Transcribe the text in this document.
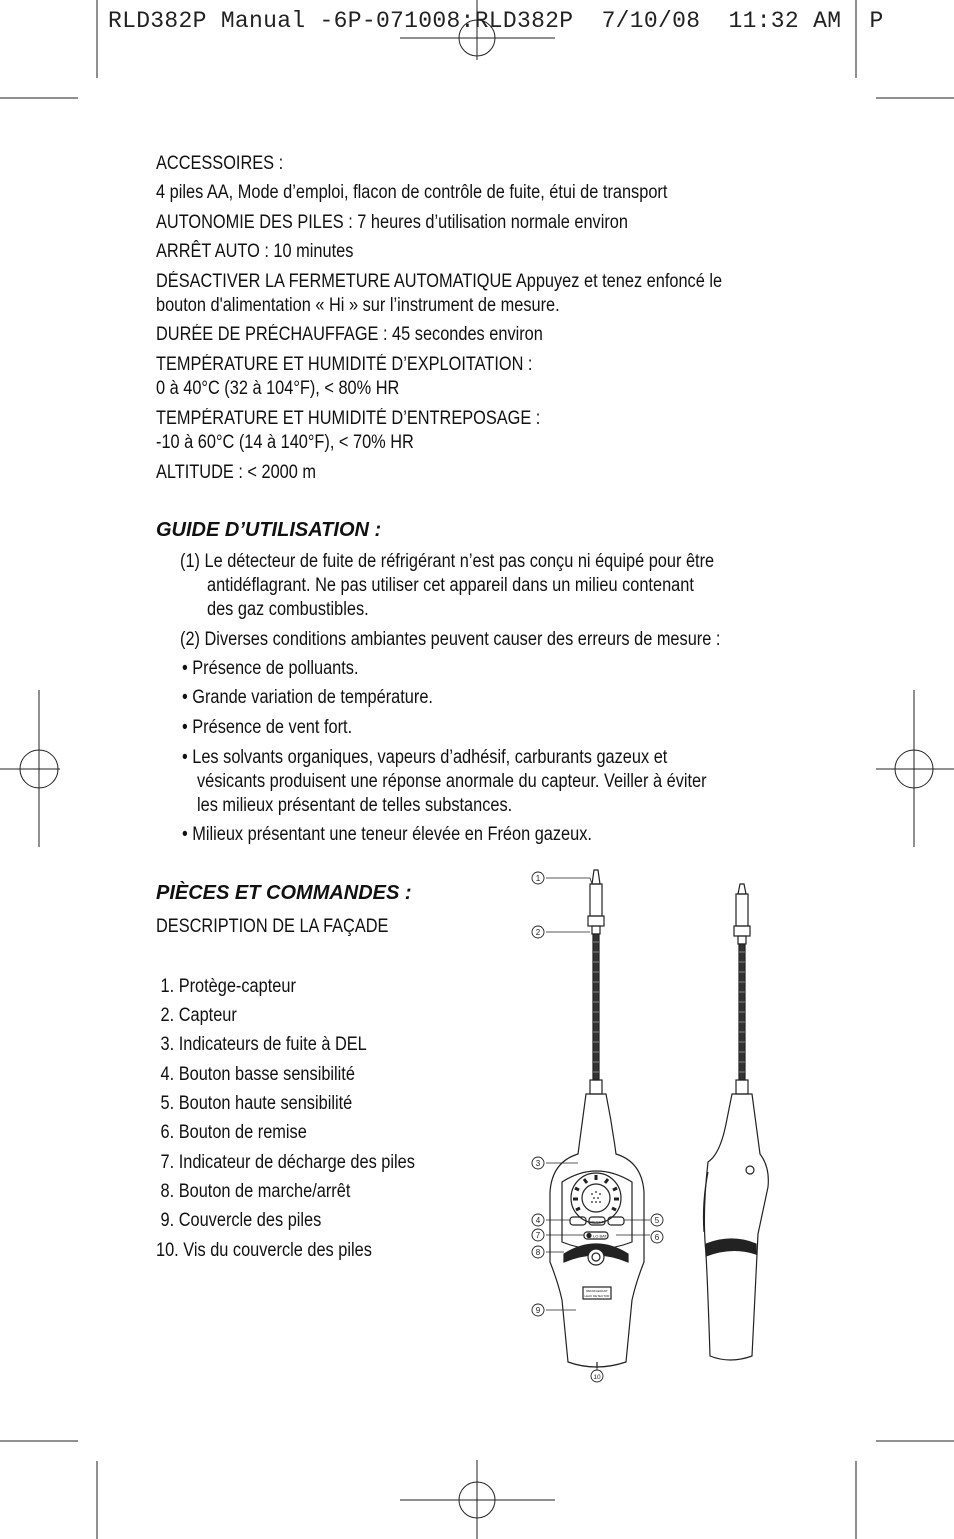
RLD382P Manual -6P-071008:RLD382P  7/10/08  11:32 AM  P
ACCESSOIRES :
4 piles AA, Mode d’emploi, flacon de contrôle de fuite, étui de transport
AUTONOMIE DES PILES : 7 heures d’utilisation normale environ
ARRÊT AUTO : 10 minutes
DÉSACTIVER LA FERMETURE AUTOMATIQUE Appuyez et tenez enfoncé le
bouton d'alimentation « Hi » sur l’instrument de mesure.
DURÉE DE PRÉCHAUFFAGE : 45 secondes environ
TEMPÉRATURE ET HUMIDITÉ D’EXPLOITATION :
0 à 40°C (32 à 104°F), < 80% HR
TEMPÉRATURE ET HUMIDITÉ D’ENTREPOSAGE :
-10 à 60°C (14 à 140°F), < 70% HR
ALTITUDE : < 2000 m
GUIDE D’UTILISATION :
(1) Le détecteur de fuite de réfrigérant n’est pas conçu ni équipé pour être
antidéflagrant. Ne pas utiliser cet appareil dans un milieu contenant
des gaz combustibles.
(2) Diverses conditions ambiantes peuvent causer des erreurs de mesure :
• Présence de polluants.
• Grande variation de température.
• Présence de vent fort.
• Les solvants organiques, vapeurs d’adhésif, carburants gazeux et
vésicants produisent une réponse anormale du capteur. Veiller à éviter
les milieux présentant de telles substances.
• Milieux présentant une teneur élevée en Fréon gazeux.
PIÈCES ET COMMANDES :
DESCRIPTION DE LA FAÇADE
1. Protège-capteur
2. Capteur
3. Indicateurs de fuite à DEL
4. Bouton basse sensibilité
5. Bouton haute sensibilité
6. Bouton de remise
7. Indicateur de décharge des piles
8. Bouton de marche/arrêt
9. Couvercle des piles
10. Vis du couvercle des piles
RESET
LO BAT
REFRIGERANT
LEAK DETECTOR
1
2
3
4	5
6
7
8
9
10
